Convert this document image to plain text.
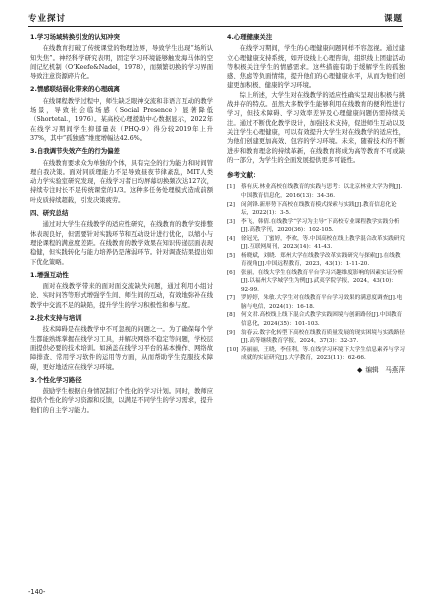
专业探讨	课题
1.学习场域转换引发的认知冲突

在线教育打破了传统课堂的物理边界，导致学生出现“场所认知失焦”。神经科学研究表明，固定学习环境能够触发海马体的空间记忆机制（O’Keefe&Nadel，1978），而频繁切换的学习界面导致注意资源碎片化。

2.情感联结弱化带来的心理疏离

在线课程教学过程中，师生缺乏眼神交流和非语言互动的教学场景，导致社会临场感（Social Presence）显著降低（Shortetal.，1976）。某高校心理援助中心数据显示，2022年在线学习期间学生抑郁量表（PHQ-9）得分较2019年上升37%，其中“孤独感”维度增幅达42.6%。

3.自我调节失效产生的行为偏差

在线教育要求众为单独的个体，具有完全的行为能力和时间管理自我决策。面对同质理能力不足导致昼夜节律紊乱，MIT人类动力学实验室研究发现，在线学习者日均屏幕切换频次达127次，持续专注时长不足传统课堂的1/3。这种多任务处理模式造成前额叶皮质持续超载，引发决策疲劳。

四、研究总结

通过对大学生在线教学的适应性研究，在线教育的教学安排整体表现良好，但需要针对实践环节和互动设计进行优化，以缩小与理论课程的满意度差距。在线教育的教学效果在知识传递层面表现稳健，但实践转化与能力培养仍是薄弱环节。针对调查结果提出如下优化策略。

1.增强互动性

面对在线教学带来的面对面交流缺失问题，通过利用小组讨论、实时问答等形式增强学生间、师生间的互动，有效地弥补在线教学中交流不足的缺陷，提升学生的学习积极性和参与度。

2.技术支持与培训

技术障碍是在线教学中不可忽视的问题之一。为了确保每个学生都能熟练掌握在线学习工具，并解决网络不稳定等问题，学校层面提供必要的技术培训。如涵盖在线学习平台的基本操作、网络故障排查、常用学习软件的运用等方面，从而帮助学生克服技术障碍，更好地适应在线学习环境。

3.个性化学习路径

鼓励学生根据自身情况制订个性化的学习计划。同时，教师应提供个性化的学习资源和反馈，以满足不同学生的学习需求，提升他们的自主学习能力。

4.心理健康关注

在线学习期间，学生的心理健康问题同样不容忽视。通过建立心理健康支持系统，如开设线上心理咨询，组织线上团建活动等积极关注学生的情感需求。这些措施有助于缓解学生的孤独感、焦虑等负面情绪，提升他们的心理健康水平，从而为他们创建更加积极、健康的学习环境。

综上所述，大学生对在线教学的适应性确实呈现出积极与挑战并存的特点。虽然大多数学生能够利用在线教育的便利性进行学习，但技术障碍、学习效率差异及心理健康问题仍需持续关注。通过不断优化教学设计，加强技术支持，促进师生互动以及关注学生心理健康，可以有效提升大学生对在线教学的适应性，为他们创建更加高效、包容的学习环境。未来，随着技术的不断进步和教育理念的持续革新，在线教育将成为高等教育不可或缺的一部分，为学生的全面发展提供更多可能性。

参考文献：
[1]	蔡有庆.林业高校在线教育的实践与思考：以北京林业大学为例[J].中国教育信息化，2016(13)：34-36.
[2]	闵剑锋.新形势下高校在线教育模式探索与实践[J].教育信息化论坛，2022(1)：3-5.
[3]	李飞，韩倩.在线教学“学习为主导”下高校专业课程教学实践分析[J].高教学刊，2020(36)：102-105.
[4]	徐冠光，丁蜜婷，李欢，等.中国高校在线上教学混合改革实践研究[J].互联网周刊，2023(14)：41-43.
[5]	杨晓斌，刘晓．郑州大学在线教学改革实践研究与探索[J].在线教育视角[J].中国远程教育，2023，43(1)：1-11-20.
[6]	张丽，在线大学生在线教育平台学习兴趣维度影响的因素实证分析[J].以福州大学城学生为例[J].武夷学院学报，2024，43(10)：92-99.
[7]	罗婷婷，朱敏.大学生对在线教育平台学习效果的满意度调查[J].电脑与电信，2024(1)：16-18.
[8]	何文君.高校线上线下混合式教学实践困境与创新路径[J].中国教育信息化，2024(35)：101-103.
[9]	翁春云.数字化转型下高校在线教育质量发展的现实困境与实践路径[J].高等继续教育学报，2024，37(3)：32-37.
[10] 苏丽丽，王晓，李佳利，等.在线学习环境下大学生信息素养与学习成就的实证研究[J].大学教育，2023(11)：62-66.
◆ 编辑  马燕萍
-140-
